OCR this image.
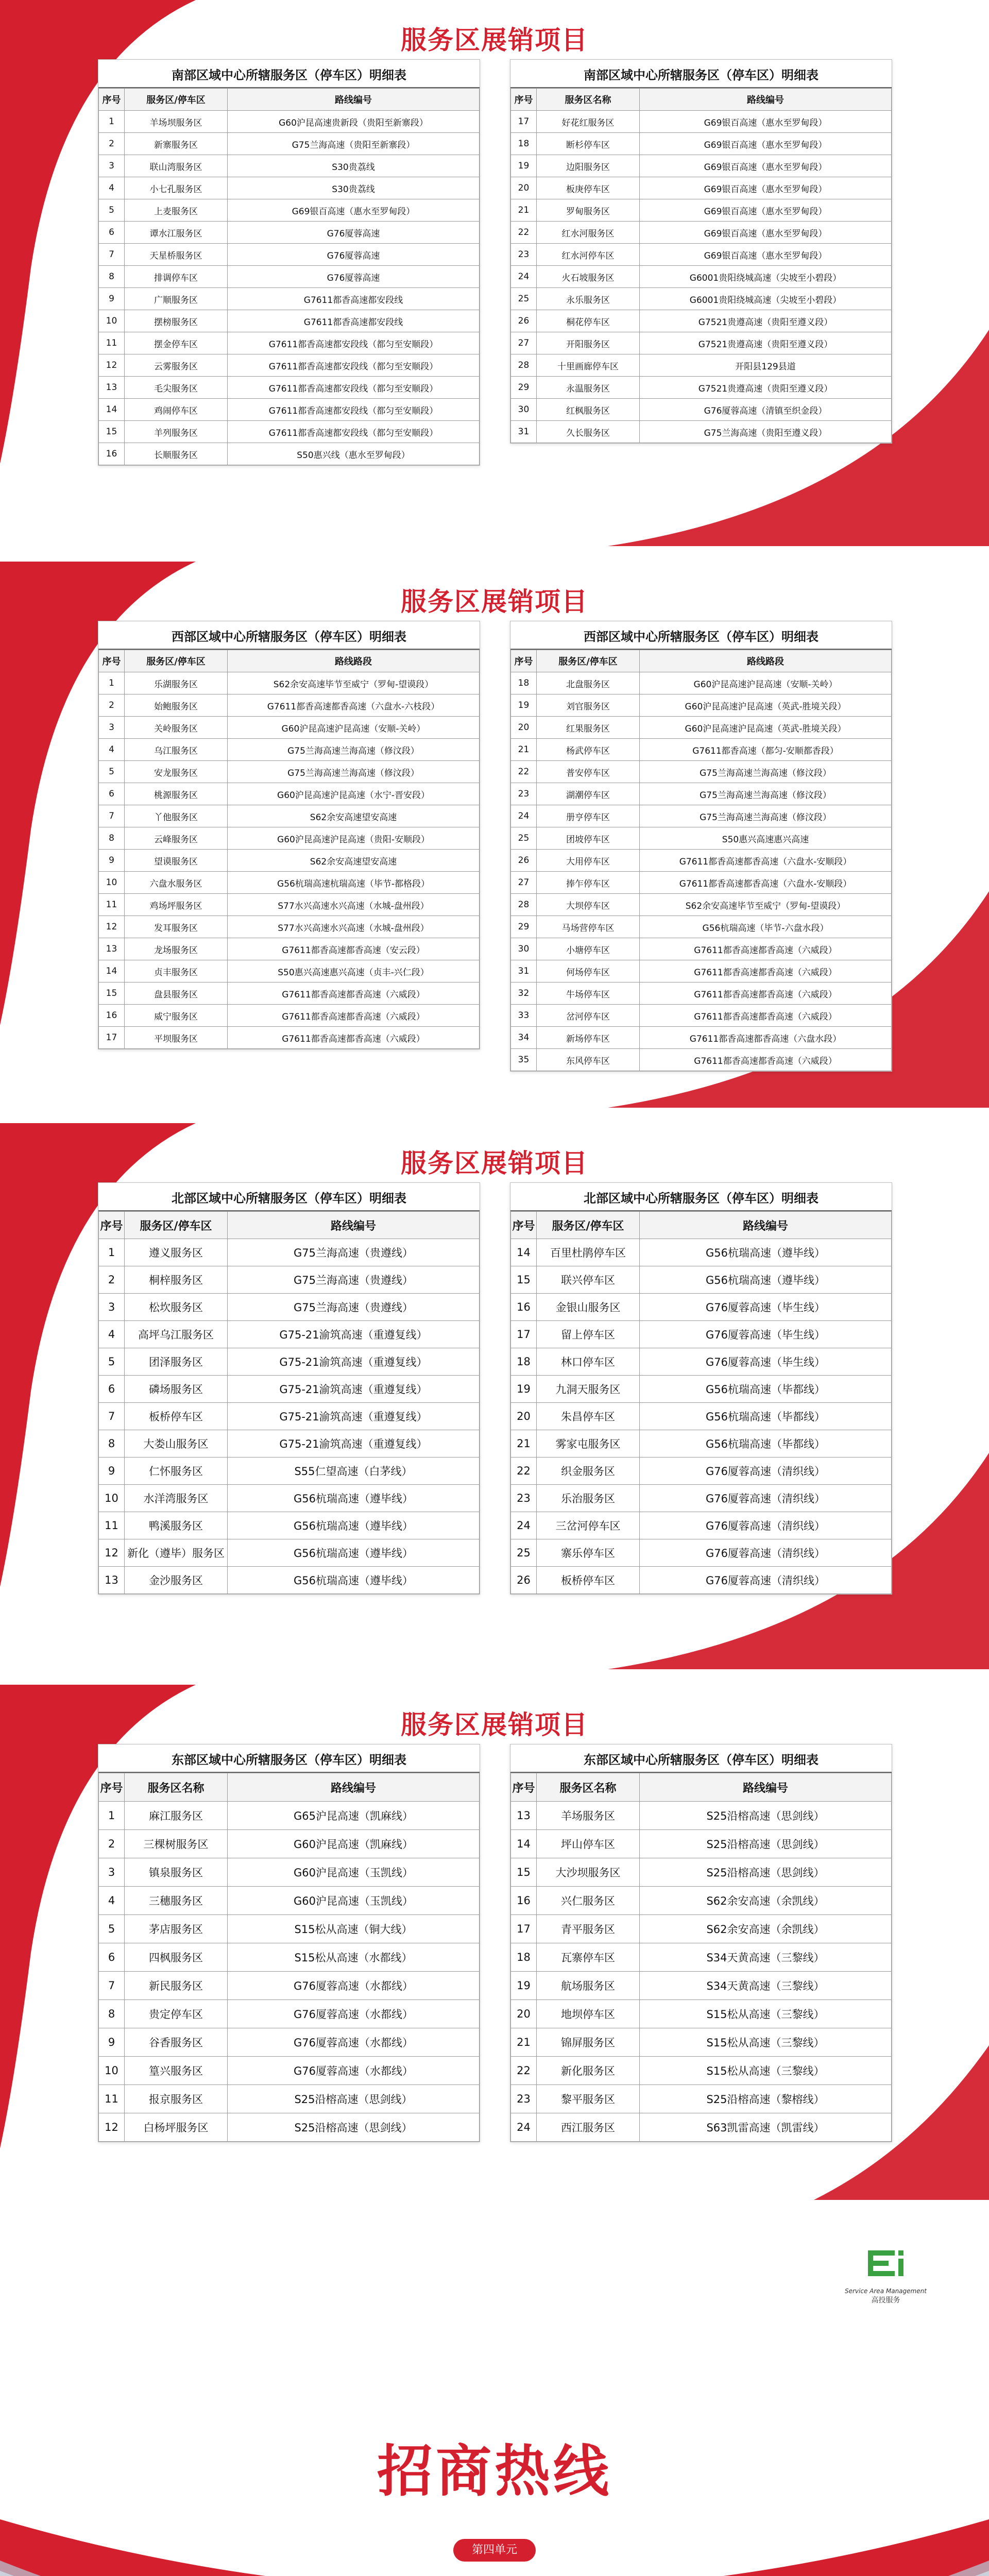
服务区展销项目
南部区域中心所辖服务区（停车区）明细表
序号	服务区/停车区	路线编号
1	羊场坝服务区	G60沪昆高速贵新段（贵阳至新寨段）
2	新寨服务区	G75兰海高速（贵阳至新寨段）
3	联山湾服务区	S30贵荔线
4	小七孔服务区	S30贵荔线
5	上麦服务区	G69银百高速（惠水至罗甸段）
6	谭水江服务区	G76厦蓉高速
7	天星桥服务区	G76厦蓉高速
8	排调停车区	G76厦蓉高速
9	广顺服务区	G7611都香高速都安段线
10	摆榜服务区	G7611都香高速都安段线
11	摆金停车区	G7611都香高速都安段线（都匀至安顺段）
12	云雾服务区	G7611都香高速都安段线（都匀至安顺段）
13	毛尖服务区	G7611都香高速都安段线（都匀至安顺段）
14	鸡闹停车区	G7611都香高速都安段线（都匀至安顺段）
15	羊列服务区	G7611都香高速都安段线（都匀至安顺段）
16	长顺服务区	S50惠兴线（惠水至罗甸段）
南部区域中心所辖服务区（停车区）明细表
序号	服务区名称	路线编号
17	好花红服务区	G69银百高速（惠水至罗甸段）
18	断杉停车区	G69银百高速（惠水至罗甸段）
19	边阳服务区	G69银百高速（惠水至罗甸段）
20	板庚停车区	G69银百高速（惠水至罗甸段）
21	罗甸服务区	G69银百高速（惠水至罗甸段）
22	红水河服务区	G69银百高速（惠水至罗甸段）
23	红水河停车区	G69银百高速（惠水至罗甸段）
24	火石坡服务区	G6001贵阳绕城高速（尖坡至小碧段）
25	永乐服务区	G6001贵阳绕城高速（尖坡至小碧段）
26	桐花停车区	G7521贵遵高速（贵阳至遵义段）
27	开阳服务区	G7521贵遵高速（贵阳至遵义段）
28	十里画廊停车区	开阳县129县道
29	永温服务区	G7521贵遵高速（贵阳至遵义段）
30	红枫服务区	G76厦蓉高速（清镇至织金段）
31	久长服务区	G75兰海高速（贵阳至遵义段）
服务区展销项目
西部区域中心所辖服务区（停车区）明细表
序号	服务区/停车区	路线路段
1	乐湖服务区	S62余安高速毕节至威宁（罗甸-望谟段）
2	始鲍服务区	G7611都香高速都香高速（六盘水-六枝段）
3	关岭服务区	G60沪昆高速沪昆高速（安顺-关岭）
4	乌江服务区	G75兰海高速兰海高速（修汶段）
5	安龙服务区	G75兰海高速兰海高速（修汶段）
6	桃源服务区	G60沪昆高速沪昆高速（水宁-晋安段）
7	丫他服务区	S62余安高速望安高速
8	云峰服务区	G60沪昆高速沪昆高速（贵阳-安顺段）
9	望谟服务区	S62余安高速望安高速
10	六盘水服务区	G56杭瑞高速杭瑞高速（毕节-都格段）
11	鸡场坪服务区	S77水兴高速水兴高速（水城-盘州段）
12	发耳服务区	S77水兴高速水兴高速（水城-盘州段）
13	龙场服务区	G7611都香高速都香高速（安云段）
14	贞丰服务区	S50惠兴高速惠兴高速（贞丰-兴仁段）
15	盘县服务区	G7611都香高速都香高速（六威段）
16	威宁服务区	G7611都香高速都香高速（六威段）
17	平坝服务区	G7611都香高速都香高速（六威段）
西部区域中心所辖服务区（停车区）明细表
序号	服务区/停车区	路线路段
18	北盘服务区	G60沪昆高速沪昆高速（安顺-关岭）
19	刘官服务区	G60沪昆高速沪昆高速（英武-胜境关段）
20	红果服务区	G60沪昆高速沪昆高速（英武-胜境关段）
21	杨武停车区	G7611都香高速（都匀-安顺都香段）
22	普安停车区	G75兰海高速兰海高速（修汶段）
23	湖潮停车区	G75兰海高速兰海高速（修汶段）
24	册亨停车区	G75兰海高速兰海高速（修汶段）
25	团坡停车区	S50惠兴高速惠兴高速
26	大用停车区	G7611都香高速都香高速（六盘水-安顺段）
27	捧乍停车区	G7611都香高速都香高速（六盘水-安顺段）
28	大坝停车区	S62余安高速毕节至威宁（罗甸-望谟段）
29	马场营停车区	G56杭瑞高速（毕节-六盘水段）
30	小塘停车区	G7611都香高速都香高速（六威段）
31	何场停车区	G7611都香高速都香高速（六威段）
32	牛场停车区	G7611都香高速都香高速（六威段）
33	岔河停车区	G7611都香高速都香高速（六威段）
34	新场停车区	G7611都香高速都香高速（六盘水段）
35	东风停车区	G7611都香高速都香高速（六威段）
服务区展销项目
北部区域中心所辖服务区（停车区）明细表
序号	服务区/停车区	路线编号
1	遵义服务区	G75兰海高速（贵遵线）
2	桐梓服务区	G75兰海高速（贵遵线）
3	松坎服务区	G75兰海高速（贵遵线）
4	高坪乌江服务区	G75-21渝筑高速（重遵复线）
5	团泽服务区	G75-21渝筑高速（重遵复线）
6	磷场服务区	G75-21渝筑高速（重遵复线）
7	板桥停车区	G75-21渝筑高速（重遵复线）
8	大娄山服务区	G75-21渝筑高速（重遵复线）
9	仁怀服务区	S55仁望高速（白茅线）
10	水洋湾服务区	G56杭瑞高速（遵毕线）
11	鸭溪服务区	G56杭瑞高速（遵毕线）
12	新化（遵毕）服务区	G56杭瑞高速（遵毕线）
13	金沙服务区	G56杭瑞高速（遵毕线）
北部区域中心所辖服务区（停车区）明细表
序号	服务区/停车区	路线编号
14	百里杜鹃停车区	G56杭瑞高速（遵毕线）
15	联兴停车区	G56杭瑞高速（遵毕线）
16	金银山服务区	G76厦蓉高速（毕生线）
17	留上停车区	G76厦蓉高速（毕生线）
18	林口停车区	G76厦蓉高速（毕生线）
19	九洞天服务区	G56杭瑞高速（毕都线）
20	朱昌停车区	G56杭瑞高速（毕都线）
21	雾家屯服务区	G56杭瑞高速（毕都线）
22	织金服务区	G76厦蓉高速（清织线）
23	乐治服务区	G76厦蓉高速（清织线）
24	三岔河停车区	G76厦蓉高速（清织线）
25	寨乐停车区	G76厦蓉高速（清织线）
26	板桥停车区	G76厦蓉高速（清织线）
服务区展销项目
东部区域中心所辖服务区（停车区）明细表
序号	服务区名称	路线编号
1	麻江服务区	G65沪昆高速（凯麻线）
2	三棵树服务区	G60沪昆高速（凯麻线）
3	镇泉服务区	G60沪昆高速（玉凯线）
4	三穗服务区	G60沪昆高速（玉凯线）
5	茅店服务区	S15松从高速（铜大线）
6	四枫服务区	S15松从高速（水都线）
7	新民服务区	G76厦蓉高速（水都线）
8	贵定停车区	G76厦蓉高速（水都线）
9	谷香服务区	G76厦蓉高速（水都线）
10	篁兴服务区	G76厦蓉高速（水都线）
11	报京服务区	S25沿榕高速（思剑线）
12	白杨坪服务区	S25沿榕高速（思剑线）
东部区域中心所辖服务区（停车区）明细表
序号	服务区名称	路线编号
13	羊场服务区	S25沿榕高速（思剑线）
14	坪山停车区	S25沿榕高速（思剑线）
15	大沙坝服务区	S25沿榕高速（思剑线）
16	兴仁服务区	S62余安高速（余凯线）
17	青平服务区	S62余安高速（余凯线）
18	瓦寨停车区	S34天黄高速（三黎线）
19	航场服务区	S34天黄高速（三黎线）
20	地坝停车区	S15松从高速（三黎线）
21	锦屏服务区	S15松从高速（三黎线）
22	新化服务区	S15松从高速（三黎线）
23	黎平服务区	S25沿榕高速（黎榕线）
24	西江服务区	S63凯雷高速（凯雷线）
Service Area Management
高投服务
招商热线
第四单元
